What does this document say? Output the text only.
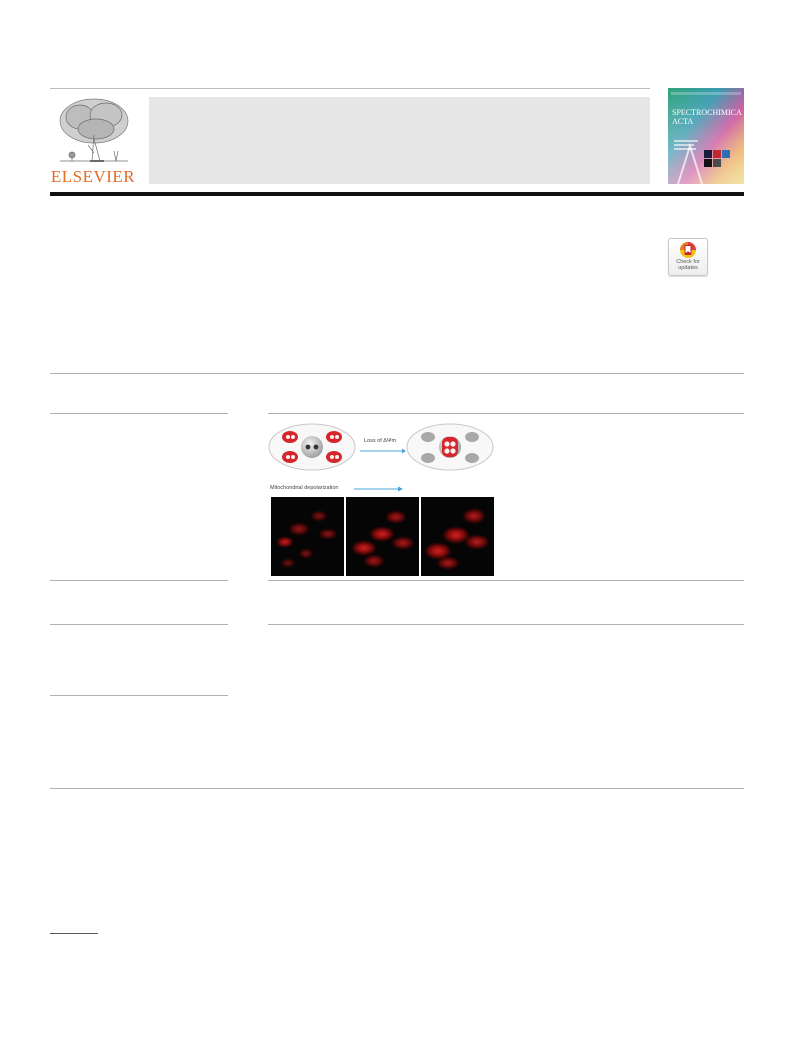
ELSEVIER
SPECTROCHIMICA ACTA
Check for
updates
Loss of ΔΨm
Mitochondrial depolarization
